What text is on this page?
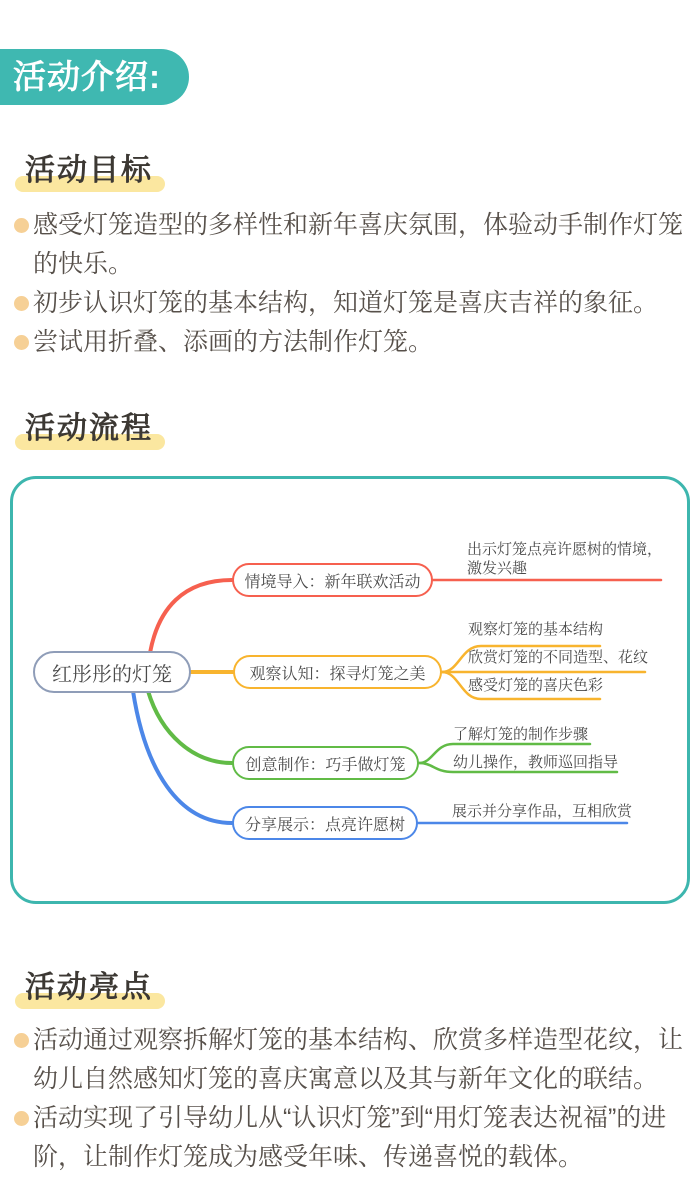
活动介绍:
活动目标
感受灯笼造型的多样性和新年喜庆氛围，体验动手制作灯笼的快乐。
初步认识灯笼的基本结构，知道灯笼是喜庆吉祥的象征。
尝试用折叠、添画的方法制作灯笼。
活动流程
红彤彤的灯笼
情境导入：新年联欢活动
观察认知：探寻灯笼之美
创意制作：巧手做灯笼
分享展示：点亮许愿树
出示灯笼点亮许愿树的情境，激发兴趣
观察灯笼的基本结构
欣赏灯笼的不同造型、花纹
感受灯笼的喜庆色彩
了解灯笼的制作步骤
幼儿操作，教师巡回指导
展示并分享作品，互相欣赏
活动亮点
活动通过观察拆解灯笼的基本结构、欣赏多样造型花纹，让幼儿自然感知灯笼的喜庆寓意以及其与新年文化的联结。
活动实现了引导幼儿从“认识灯笼”到“用灯笼表达祝福”的进阶，让制作灯笼成为感受年味、传递喜悦的载体。
